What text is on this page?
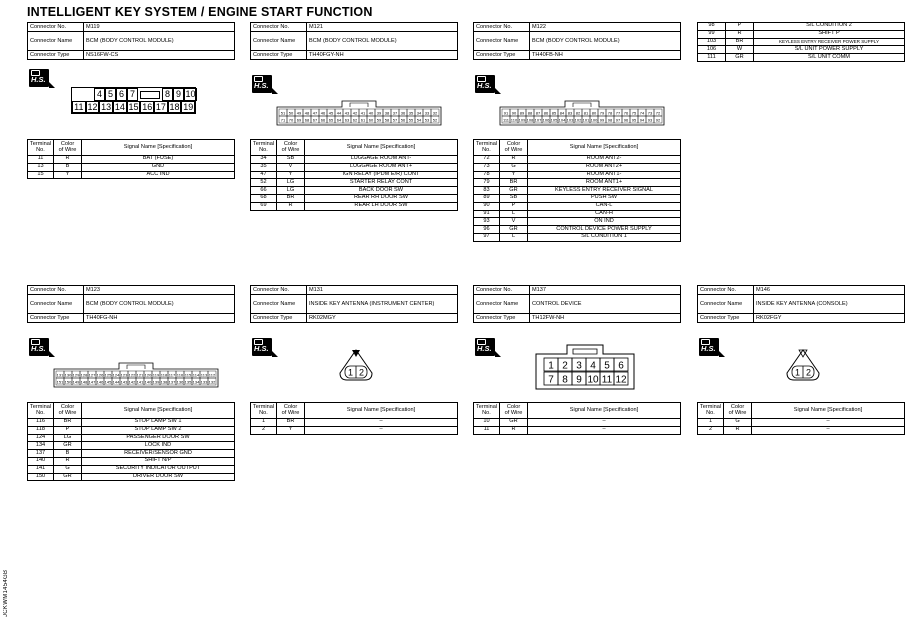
INTELLIGENT KEY SYSTEM / ENGINE START FUNCTION
JCKWM1454GB
Connector No.	M119
Connector Name	BCM (BODY CONTROL MODULE)
Connector Type	NS16FW-CS
H.S.
4 5 6 7	8 9 10
11 12 13 14 15 16 17 18 19
Connector No.	M121
Connector Name	BCM (BODY CONTROL MODULE)
Connector Type	TH40FGY-NH
H.S.
51 50 49 48 47 46 45 44 43 42 41 40 39 38 37 36 35 34 33 32
71 70 69 68 67 66 65 64 63 62 61 60 59 58 57 56 55 54 53 52
Connector No.	M122
Connector Name	BCM (BODY CONTROL MODULE)
Connector Type	TH40FB-NH
H.S.
91 90 89 88 87 86 85 84 83 82 81 80 79 78 77 76 75 74 73 72
111 110 109 108 107 106 105 104 103 102 101 100 99 98 97 96 95 94 93 92
98	P	S/L CONDITION 2
99	R	SHIFT P
103	BR	KEYLESS ENTRY RECEIVER POWER SUPPLY
106	W	S/L UNIT POWER SUPPLY
111	GR	S/L UNIT COMM
Connector No.	M123
Connector Name	BCM (BODY CONTROL MODULE)
Connector Type	TH40FG-NH
H.S.
131 130 129 128 127 126 125 124 123 122 121 120 119 118 117 116 115 114 113 112
151 150 149 148 147 146 145 144 143 142 141 140 139 138 137 136 135 134 133 132
Connector No.	M131
Connector Name	INSIDE KEY ANTENNA (INSTRUMENT CENTER)
Connector Type	RK02MGY
H.S.
1 2
Connector No.	M137
Connector Name	CONTROL DEVICE
Connector Type	TH12FW-NH
H.S.
1 2 3 4 5 6
7 8 9 10 11 12
Connector No.	M146
Connector Name	INSIDE KEY ANTENNA (CONSOLE)
Connector Type	RK02FGY
H.S.
1 2
Terminal
No.	Color
of Wire	Signal Name [Specification]
11	R	BAT (FUSE)
13	B	GND
15	Y	ACC IND
Terminal
No.	Color
of Wire	Signal Name [Specification]
34	SB	LUGGAGE ROOM ANT-
35	V	LUGGAGE ROOM ANT+
47	Y	IGN RELAY (IPDM E/R) CONT
52	LG	STARTER RELAY CONT
66	LG	BACK DOOR SW
68	BR	REAR RH DOOR SW
69	R	REAR LH DOOR SW
Terminal
No.	Color
of Wire	Signal Name [Specification]
72	R	ROOM ANT2-
73	G	ROOM ANT2+
78	Y	ROOM ANT1-
79	BR	ROOM ANT1+
83	GR	KEYLESS ENTRY RECEIVER SIGNAL
89	SB	PUSH SW
90	P	CAN-L
91	L	CAN-H
93	V	ON IND
96	GR	CONTROL DEVICE POWER SUPPLY
97	L	S/L CONDITION 1
Terminal
No.	Color
of Wire	Signal Name [Specification]
116	BR	STOP LAMP SW 1
118	P	STOP LAMP SW 2
124	LG	PASSENGER DOOR SW
134	GR	LOCK IND
137	B	RECEIVER/SENSOR GND
140	R	SHIFT N/P
141	G	SECURITY INDICATOR OUTPUT
150	GR	DRIVER DOOR SW
Terminal
No.	Color
of Wire	Signal Name [Specification]
1	BR	–
2	Y	–
Terminal
No.	Color
of Wire	Signal Name [Specification]
10	GR	–
11	R	–
Terminal
No.	Color
of Wire	Signal Name [Specification]
1	G	–
2	R	–
